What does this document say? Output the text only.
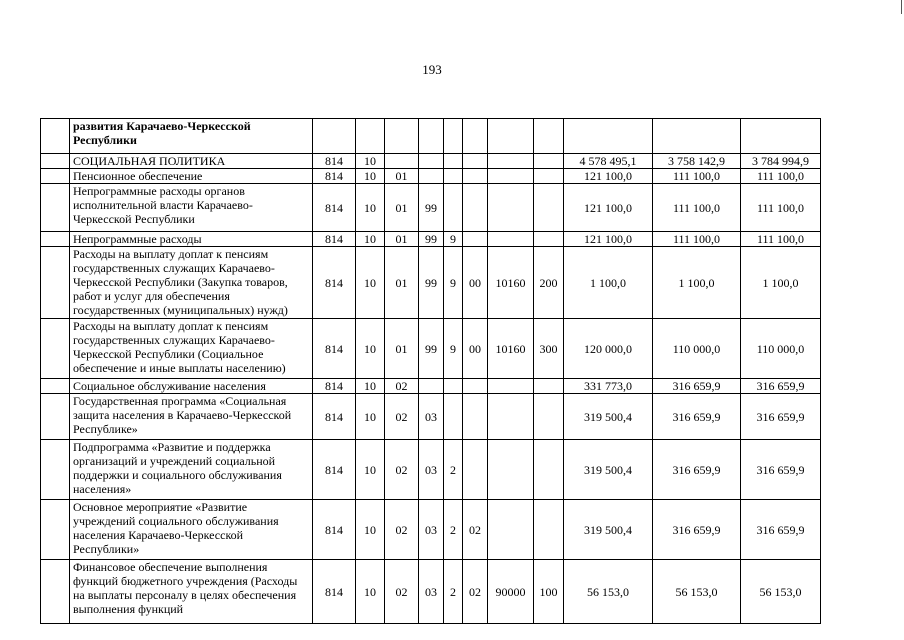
193
	развития Карачаево-Черкесской Республики											
	СОЦИАЛЬНАЯ ПОЛИТИКА	814	10							4 578 495,1	3 758 142,9	3 784 994,9
	Пенсионное обеспечение	814	10	01						121 100,0	111 100,0	111 100,0
	Непрограммные расходы органов исполнительной власти Карачаево-Черкесской Республики	814	10	01	99					121 100,0	111 100,0	111 100,0
	Непрограммные расходы	814	10	01	99	9				121 100,0	111 100,0	111 100,0
	Расходы на выплату доплат к пенсиям государственных служащих Карачаево-Черкесской Республики (Закупка товаров, работ и услуг для обеспечения государственных (муниципальных) нужд)	814	10	01	99	9	00	10160	200	1 100,0	1 100,0	1 100,0
	Расходы на выплату доплат к пенсиям государственных служащих Карачаево-Черкесской Республики (Социальное обеспечение и иные выплаты населению)	814	10	01	99	9	00	10160	300	120 000,0	110 000,0	110 000,0
	Социальное обслуживание населения	814	10	02						331 773,0	316 659,9	316 659,9
	Государственная программа «Социальная защита населения в Карачаево-Черкесской Республике»	814	10	02	03					319 500,4	316 659,9	316 659,9
	Подпрограмма «Развитие и поддержка организаций и учреждений социальной поддержки и социального обслуживания населения»	814	10	02	03	2				319 500,4	316 659,9	316 659,9
	Основное мероприятие «Развитие учреждений социального обслуживания населения Карачаево-Черкесской Республики»	814	10	02	03	2	02			319 500,4	316 659,9	316 659,9
	Финансовое обеспечение выполнения функций бюджетного учреждения (Расходы на выплаты персоналу в целях обеспечения выполнения функций	814	10	02	03	2	02	90000	100	56 153,0	56 153,0	56 153,0
